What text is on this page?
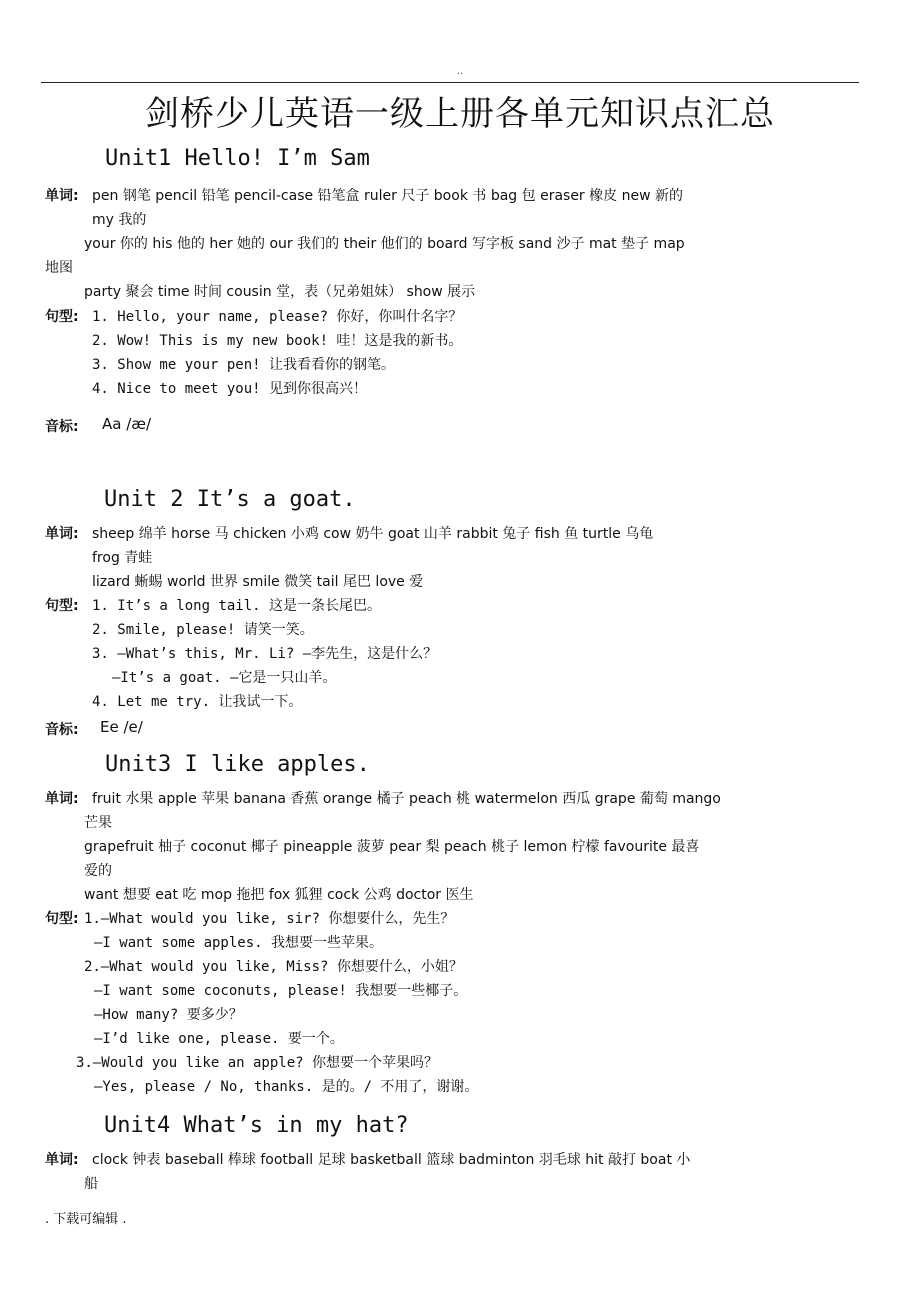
..
剑桥少儿英语一级上册各单元知识点汇总
Unit1 Hello! I’m Sam
单词: pen 钢笔 pencil 铅笔 pencil-case 铅笔盒 ruler 尺子 book 书 bag 包 eraser 橡皮 new 新的
my 我的
your 你的 his 他的 her 她的 our 我们的 their 他们的 board 写字板 sand 沙子 mat 垫子 map
地图
party 聚会 time 时间 cousin 堂，表（兄弟姐妹） show 展示
句型: 1. Hello, your name, please? 你好，你叫什名字？
2. Wow! This is my new book! 哇！这是我的新书。
3. Show me your pen! 让我看看你的钢笔。
4. Nice to meet you! 见到你很高兴！
音标: Aa /æ/
Unit 2 It’s a goat.
单词: sheep 绵羊 horse 马 chicken 小鸡 cow 奶牛 goat 山羊 rabbit 兔子 fish 鱼 turtle 乌龟
frog 青蛙
lizard 蜥蜴 world 世界 smile 微笑 tail 尾巴 love 爱
句型: 1. It’s a long tail. 这是一条长尾巴。
2. Smile, please! 请笑一笑。
3. —What’s this, Mr. Li? —李先生，这是什么？
—It’s a goat. —它是一只山羊。
4. Let me try. 让我试一下。
音标: Ee /e/
Unit3 I like apples.
单词: fruit 水果 apple 苹果 banana 香蕉 orange 橘子 peach 桃 watermelon 西瓜 grape 葡萄 mango
芒果
grapefruit 柚子 coconut 椰子 pineapple 菠萝 pear 梨 peach 桃子 lemon 柠檬 favourite 最喜
爱的
want 想要 eat 吃 mop 拖把 fox 狐狸 cock 公鸡 doctor 医生
句型: 1.—What would you like, sir? 你想要什么，先生？
—I want some apples. 我想要一些苹果。
2.—What would you like, Miss? 你想要什么，小姐？
—I want some coconuts, please! 我想要一些椰子。
—How many? 要多少？
—I’d like one, please. 要一个。
3.—Would you like an apple? 你想要一个苹果吗？
—Yes, please / No, thanks. 是的。/ 不用了，谢谢。
Unit4 What’s in my hat?
单词: clock 钟表 baseball 棒球 football 足球 basketball 篮球 badminton 羽毛球 hit 敲打 boat 小
船
. 下载可编辑 .
